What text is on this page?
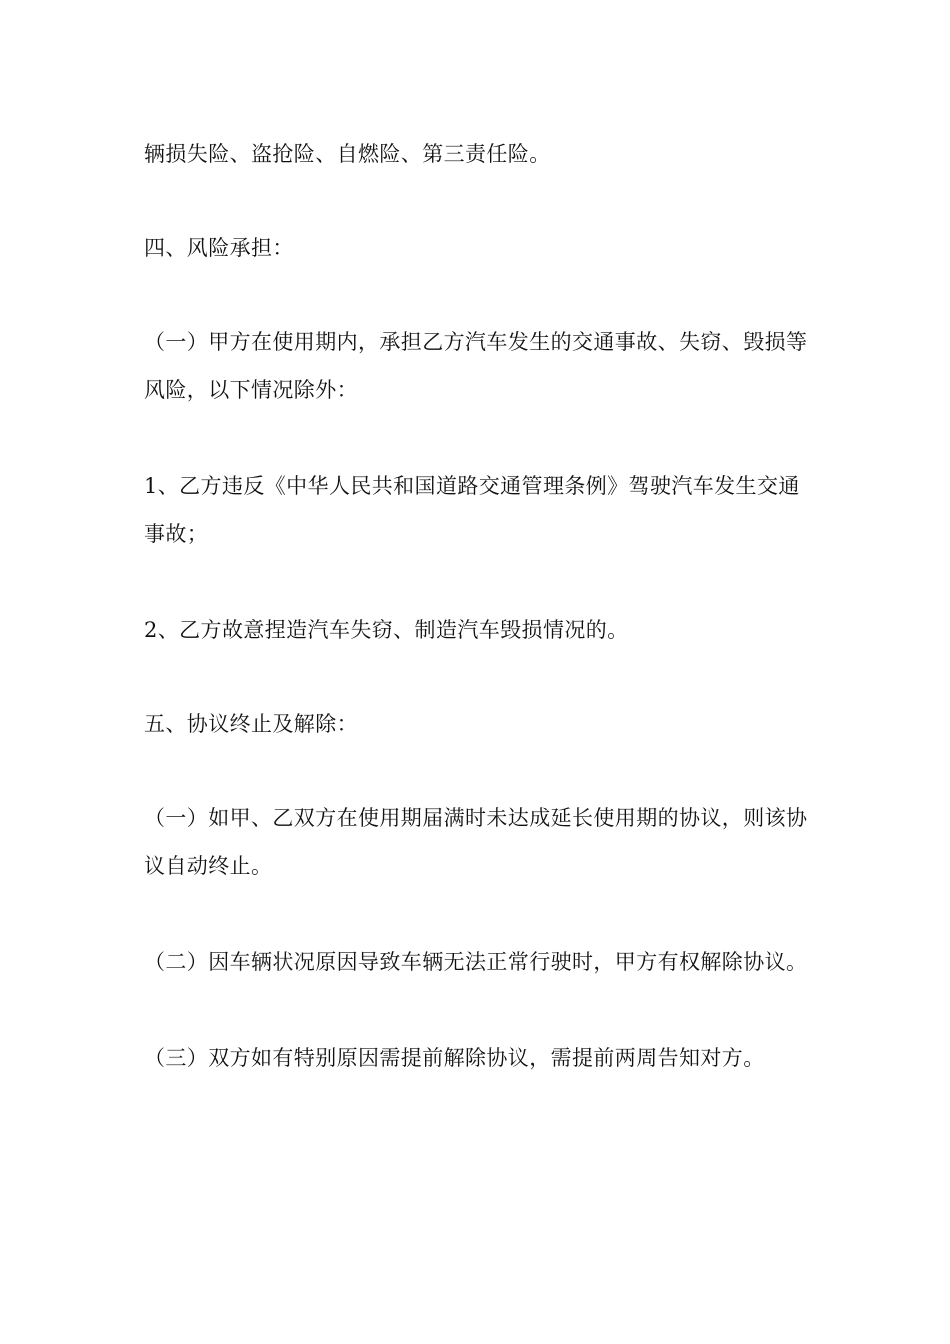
辆损失险、盗抢险、自燃险、第三责任险。

四、风险承担：

（一）甲方在使用期内，承担乙方汽车发生的交通事故、失窃、毁损等风险，以下情况除外：

1、乙方违反《中华人民共和国道路交通管理条例》驾驶汽车发生交通事故；

2、乙方故意捏造汽车失窃、制造汽车毁损情况的。

五、协议终止及解除：

（一）如甲、乙双方在使用期届满时未达成延长使用期的协议，则该协议自动终止。

（二）因车辆状况原因导致车辆无法正常行驶时，甲方有权解除协议。

（三）双方如有特别原因需提前解除协议，需提前两周告知对方。
